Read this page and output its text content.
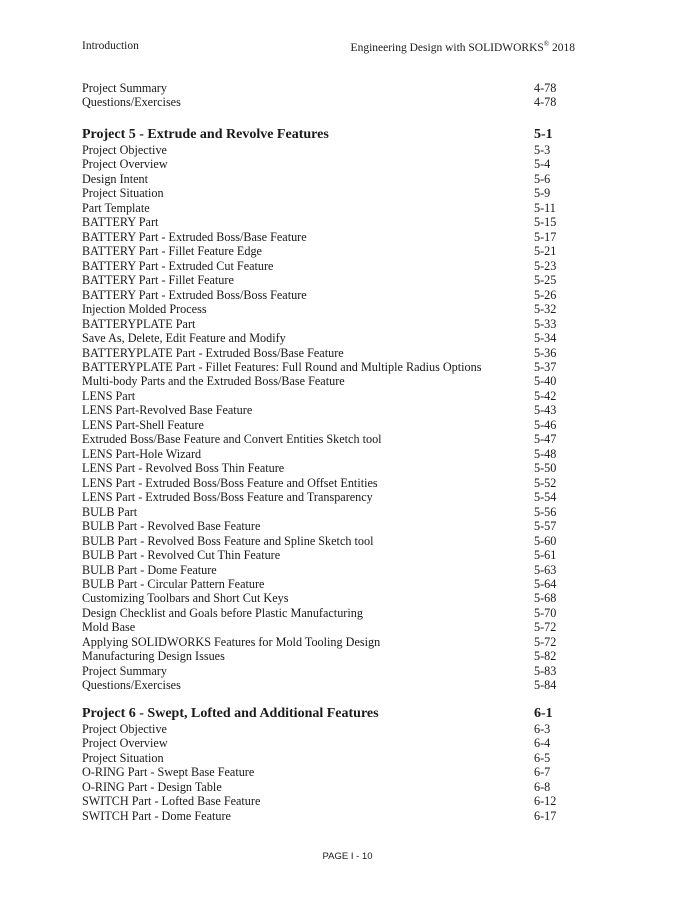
Introduction	Engineering Design with SOLIDWORKS® 2018
Project Summary	4-78
Questions/Exercises	4-78
Project 5 - Extrude and Revolve Features	5-1
Project Objective	5-3
Project Overview	5-4
Design Intent	5-6
Project Situation	5-9
Part Template	5-11
BATTERY Part	5-15
BATTERY Part - Extruded Boss/Base Feature	5-17
BATTERY Part - Fillet Feature Edge	5-21
BATTERY Part - Extruded Cut Feature	5-23
BATTERY Part - Fillet Feature	5-25
BATTERY Part - Extruded Boss/Boss Feature	5-26
Injection Molded Process	5-32
BATTERYPLATE Part	5-33
Save As, Delete, Edit Feature and Modify	5-34
BATTERYPLATE Part - Extruded Boss/Base Feature	5-36
BATTERYPLATE Part - Fillet Features: Full Round and Multiple Radius Options	5-37
Multi-body Parts and the Extruded Boss/Base Feature	5-40
LENS Part	5-42
LENS Part-Revolved Base Feature	5-43
LENS Part-Shell Feature	5-46
Extruded Boss/Base Feature and Convert Entities Sketch tool	5-47
LENS Part-Hole Wizard	5-48
LENS Part - Revolved Boss Thin Feature	5-50
LENS Part - Extruded Boss/Boss Feature and Offset Entities	5-52
LENS Part - Extruded Boss/Boss Feature and Transparency	5-54
BULB Part	5-56
BULB Part - Revolved Base Feature	5-57
BULB Part - Revolved Boss Feature and Spline Sketch tool	5-60
BULB Part - Revolved Cut Thin Feature	5-61
BULB Part - Dome Feature	5-63
BULB Part - Circular Pattern Feature	5-64
Customizing Toolbars and Short Cut Keys	5-68
Design Checklist and Goals before Plastic Manufacturing	5-70
Mold Base	5-72
Applying SOLIDWORKS Features for Mold Tooling Design	5-72
Manufacturing Design Issues	5-82
Project Summary	5-83
Questions/Exercises	5-84
Project 6 - Swept, Lofted and Additional Features	6-1
Project Objective	6-3
Project Overview	6-4
Project Situation	6-5
O-RING Part - Swept Base Feature	6-7
O-RING Part - Design Table	6-8
SWITCH Part - Lofted Base Feature	6-12
SWITCH Part - Dome Feature	6-17
PAGE I - 10
